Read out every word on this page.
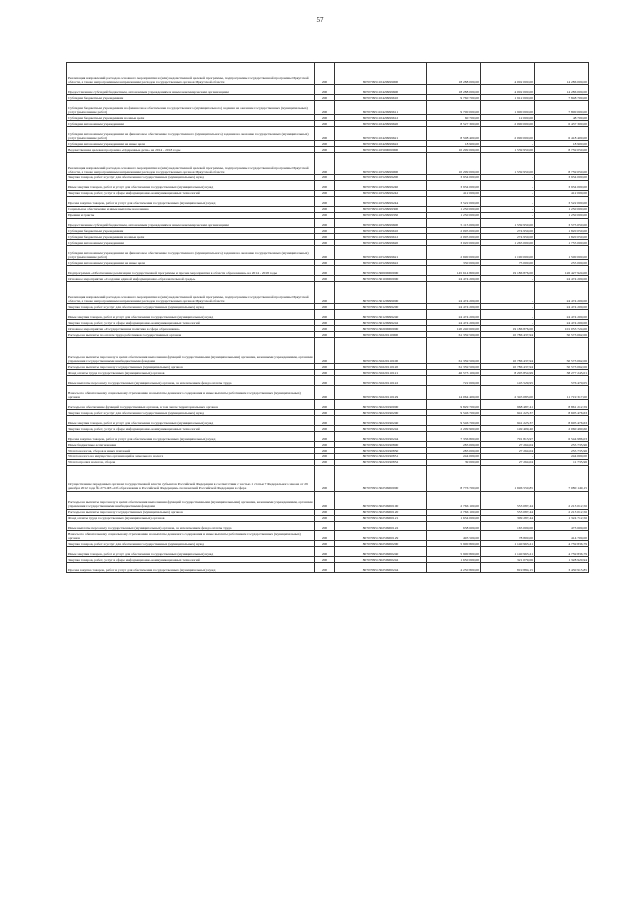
57
Реализация направлений расходов основного мероприятия и (или) ведомственной целевой программы, подпрограммы государственной программы Иркутской области, а также непрограммным направлениям расходов государственных органов Иркутской области	200	80707095110429999000	18 288 000,00	4 002 000,00	14 286 000,00
Предоставление субсидий бюджетным, автономным учреждениям и иным некоммерческим организациям	200	80707095110429999600	18 288 000,00	4 002 000,00	14 286 000,00
Субсидии бюджетным учреждениям	200	80707095110429999610	9 760 700,00	1 912 000,00	7 848 700,00
Субсидии бюджетным учреждениям на финансовое обеспечение государственного (муниципального) задания на оказание государственных (муниципальных) услуг (выполнение работ)	200	80707095110429999611	9 700 000,00	1 900 000,00	7 800 000,00
Субсидии бюджетным учреждениям на иные цели	200	80707095110429999612	60 700,00	12 000,00	48 700,00
Субсидии автономным учреждениям	200	80707095110429999620	8 527 300,00	2 090 000,00	6 437 300,00
Субсидии автономным учреждениям на финансовое обеспечение государственного (муниципального) задания на оказание государственных (муниципальных) услуг (выполнение работ)	200	80707095110429999621	8 508 400,00	2 090 000,00	6 418 400,00
Субсидии автономным учреждениям на иные цели	200	80707095110429999622	18 900,00	-	18 900,00
Ведомственная целевая программа «Одаренные дети» на 2014 - 2018 годы	200	80707095110500000000	10 299 000,00	1 539 950,00	8 759 050,00
Реализация направлений расходов основного мероприятия и (или) ведомственной целевой программы, подпрограммы государственной программы Иркутской области, а также непрограммным направлениям расходов государственных органов Иркутской области	200	80707095110529999000	10 299 000,00	1 539 950,00	8 759 050,00
Закупка товаров, работ и услуг для обеспечения государственных (муниципальных) нужд	200	80707095110529999200	3 934 000,00	-	3 934 000,00
Иные закупки товаров, работ и услуг для обеспечения государственных (муниципальных) нужд	200	80707095110529999240	3 934 000,00	-	3 934 000,00
Закупка товаров, работ, услуг в сфере информационно-коммуникационных технологий	200	80707095110529999242	412 000,00	-	412 000,00
Прочая закупка товаров, работ и услуг для обеспечения государственных (муниципальных) нужд	200	80707095110529999244	3 522 000,00	-	3 522 000,00
Социальное обеспечение и иные выплаты населению	200	80707095110529999300	1 250 000,00	-	1 250 000,00
Премии и гранты	200	80707095110529999350	1 250 000,00	-	1 250 000,00
Предоставление субсидий бюджетным, автономным учреждениям и иным некоммерческим организациям	200	80707095110529999600	5 115 000,00	1 539 950,00	3 575 050,00
Субсидии бюджетным учреждениям	200	80707095110529999610	2 095 000,00	274 950,00	1 820 050,00
Субсидии бюджетным учреждениям на иные цели	200	80707095110529999612	2 095 000,00	274 950,00	1 820 050,00
Субсидии автономным учреждениям	200	80707095110529999620	3 020 000,00	1 265 000,00	1 755 000,00
Субсидии автономным учреждениям на финансовое обеспечение государственного (муниципального) задания на оказание государственных (муниципальных) услуг (выполнение работ)	200	80707095110529999621	2 690 000,00	1 190 000,00	1 500 000,00
Субсидии автономным учреждениям на иные цели	200	80707095110529999622	330 000,00	75 000,00	255 000,00
Подпрограмма «Обеспечение реализации государственной программы и прочие мероприятия в области образования» на 2014 - 2018 годы	200	80707095130000000000	145 614 800,00	19 186 876,00	126 427 924,00
Основное мероприятие «Создание единой информационно-образовательной среды»	200	80707095130100000000	24 474 200,00	-	24 474 200,00
Реализация направлений расходов основного мероприятия и (или) ведомственной целевой программы, подпрограммы государственной программы Иркутской области, а также непрограммным направлениям расходов государственных органов Иркутской области	200	80707095130129999000	24 474 200,00	-	24 474 200,00
Закупка товаров, работ и услуг для обеспечения государственных (муниципальных) нужд	200	80707095130129999200	24 474 200,00	-	24 474 200,00
Иные закупки товаров, работ и услуг для обеспечения государственных (муниципальных) нужд	200	80707095130129999240	24 474 200,00	-	24 474 200,00
Закупка товаров, работ, услуг в сфере информационно-коммуникационных технологий	200	80707095130129999242	24 474 200,00	-	24 474 200,00
Основное мероприятие «Государственная политика в сфере образования»	200	80707095130200000000	120 240 600,00	19 186 876,00	101 053 724,00
Расходы на выплаты по оплате труда работников государственных органов	200	80707095130220110000	61 359 500,00	10 786 437,94	50 573 062,06
Расходы на выплаты персоналу в целях обеспечения выполнения функций государственными (муниципальными) органами, казенными учреждениями, органами управления государственными внебюджетными фондами	200	80707095130220110100	61 359 500,00	10 786 437,94	50 573 062,06
Расходы на выплаты персоналу государственных (муниципальных) органов	200	80707095130220110120	61 359 500,00	10 786 437,94	50 573 062,06
Фонд оплаты труда государственных (муниципальных) органов	200	80707095130220110121	46 573 100,00	8 295 854,99	38 277 245,01
Иные выплаты персоналу государственных (муниципальных) органов, за исключением фонда оплаты труда	200	80707095130220110122	722 000,00	145 529,95	576 470,05
Взносы по обязательному социальному страхованию на выплаты денежного содержания и иные выплаты работникам государственных (муниципальных) органов	200	80707095130220110129	14 064 400,00	2 345 083,00	11 719 317,00
Расходы на обеспечение функций государственных органов, в том числе территориальных органов	200	80707095130220190000	9 829 700,00	968 487,41	8 861 212,59
Закупка товаров, работ и услуг для обеспечения государственных (муниципальных) нужд	200	80707095130220190200	9 546 700,00	941 223,37	8 605 476,63
Иные закупки товаров, работ и услуг для обеспечения государственных (муниципальных) нужд	200	80707095130220190240	9 546 700,00	941 223,37	8 605 476,63
Закупка товаров, работ, услуг в сфере информационно-коммуникационных технологий	200	80707095130220190242	2 209 900,00	149 409,40	2 060 490,60
Прочая закупка товаров, работ и услуг для обеспечения государственных (муниципальных) нужд	200	80707095130220190244	7 336 800,00	791 813,97	6 544 986,03
Иные бюджетные ассигнования	200	80707095130220190800	283 000,00	27 264,04	255 735,96
Уплата налогов, сборов и иных платежей	200	80707095130220190850	283 000,00	27 264,04	255 735,96
Уплата налога на имущество организаций и земельного налога	200	80707095130220190851	244 000,00	-	244 000,00
Уплата прочих налогов, сборов	200	80707095130220190852	39 000,00	27 264,04	11 735,96
Осуществление переданных органам государственной власти субъектов Российской Федерации в соответствии с частью 1 статьи 7 Федерального закона от 29 декабря 2012 года № 273-ФЗ «Об образовании в Российской Федерации» полномочий Российской Федерации в сфере	200	80707095130259900000	8 776 700,00	1 696 550,85	7 080 149,15
Расходы на выплаты персоналу в целях обеспечения выполнения функций государственными (муниципальными) органами, казенными учреждениями, органами управления государственными внебюджетными фондами	200	80707095130259900100	2 766 100,00	553 087,44	2 213 012,56
Расходы на выплаты персоналу государственных (муниципальных) органов	200	80707095130259900120	2 766 100,00	553 087,44	2 213 012,56
Фонд оплаты труда государственных (муниципальных) органов	200	80707095130259900121	1 634 000,00	309 287,44	1 324 712,56
Иные выплаты персоналу государственных (муниципальных) органов, за исключением фонда оплаты труда	200	80707095130259900122	638 600,00	165 000,00	473 600,00
Взносы по обязательному социальному страхованию на выплаты денежного содержания и иные выплаты работникам государственных (муниципальных) органов	200	80707095130259900129	493 500,00	78 800,00	414 700,00
Закупка товаров, работ и услуг для обеспечения государственных (муниципальных) нужд	200	80707095130259900200	5 900 800,00	1 140 963,21	4 759 836,79
Иные закупки товаров, работ и услуг для обеспечения государственных (муниципальных) нужд	200	80707095130259900240	5 900 800,00	1 140 963,21	4 759 836,79
Закупка товаров, работ, услуг в сфере информационно-коммуникационных технологий	200	80707095130259900242	1 650 000,00	321 079,06	1 328 920,94
Прочая закупка товаров, работ и услуг для обеспечения государственных (муниципальных) нужд	200	80707095130259900244	4 250 800,00	819 884,15	3 430 915,85
